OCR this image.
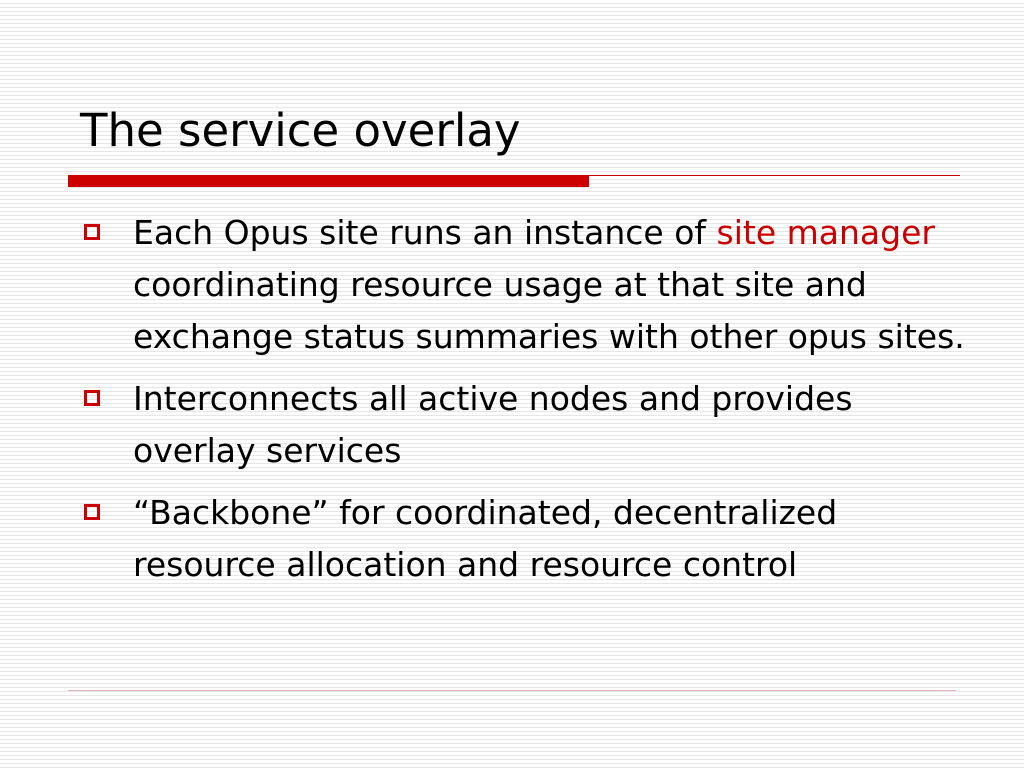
The service overlay
Each Opus site runs an instance of site manager coordinating resource usage at that site and exchange status summaries with other opus sites.
Interconnects all active nodes and provides overlay services
“Backbone” for coordinated, decentralized resource allocation and resource control
